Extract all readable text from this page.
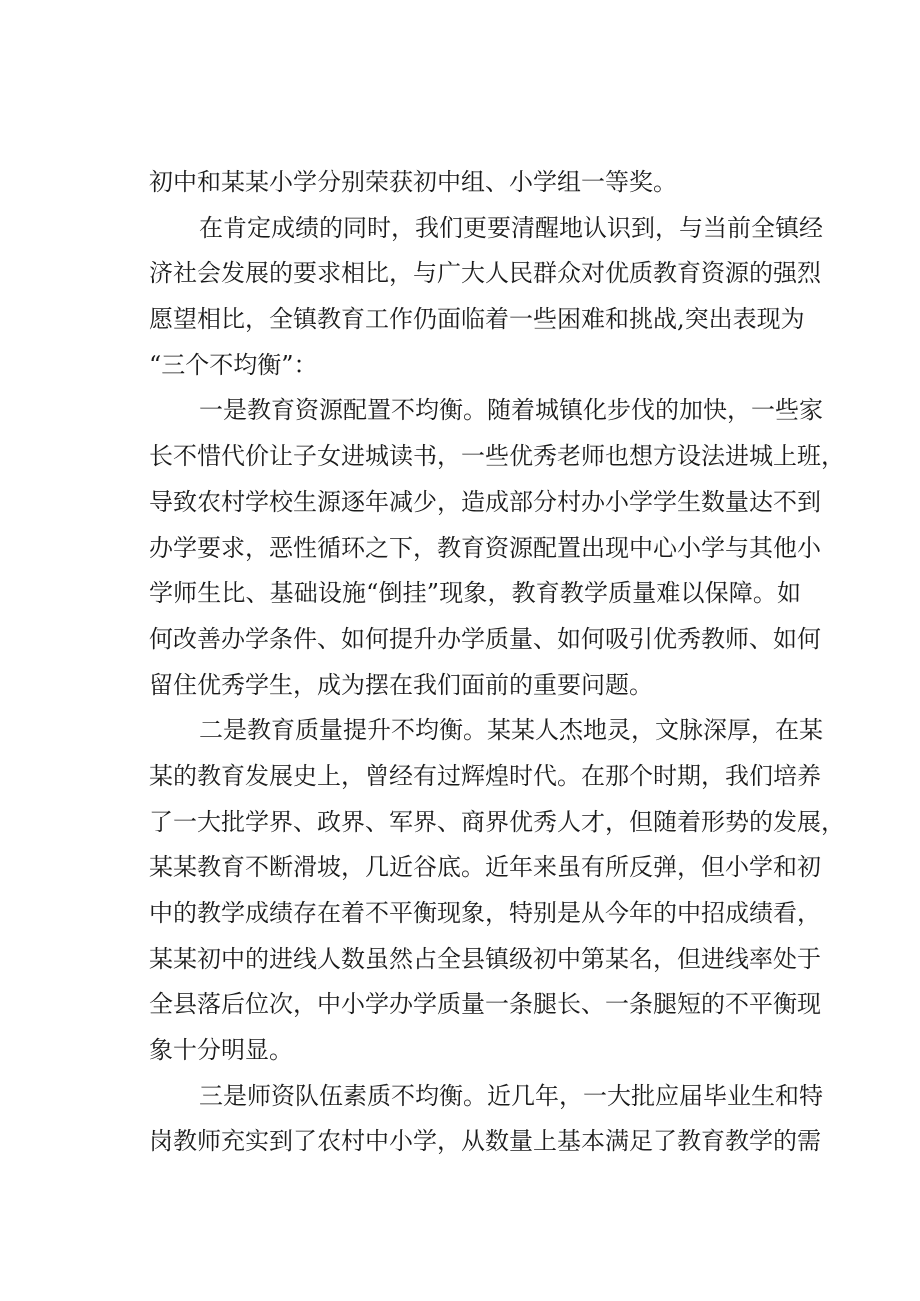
初中和某某小学分别荣获初中组、小学组一等奖。
在肯定成绩的同时，我们更要清醒地认识到，与当前全镇经
济社会发展的要求相比，与广大人民群众对优质教育资源的强烈
愿望相比，全镇教育工作仍面临着一些困难和挑战,突出表现为
“三个不均衡”：
一是教育资源配置不均衡。随着城镇化步伐的加快，一些家
长不惜代价让子女进城读书，一些优秀老师也想方设法进城上班，
导致农村学校生源逐年减少，造成部分村办小学学生数量达不到
办学要求，恶性循环之下，教育资源配置出现中心小学与其他小
学师生比、基础设施“倒挂”现象，教育教学质量难以保障。如
何改善办学条件、如何提升办学质量、如何吸引优秀教师、如何
留住优秀学生，成为摆在我们面前的重要问题。
二是教育质量提升不均衡。某某人杰地灵，文脉深厚，在某
某的教育发展史上，曾经有过辉煌时代。在那个时期，我们培养
了一大批学界、政界、军界、商界优秀人才，但随着形势的发展，
某某教育不断滑坡，几近谷底。近年来虽有所反弹，但小学和初
中的教学成绩存在着不平衡现象，特别是从今年的中招成绩看，
某某初中的进线人数虽然占全县镇级初中第某名，但进线率处于
全县落后位次，中小学办学质量一条腿长、一条腿短的不平衡现
象十分明显。
三是师资队伍素质不均衡。近几年，一大批应届毕业生和特
岗教师充实到了农村中小学，从数量上基本满足了教育教学的需
